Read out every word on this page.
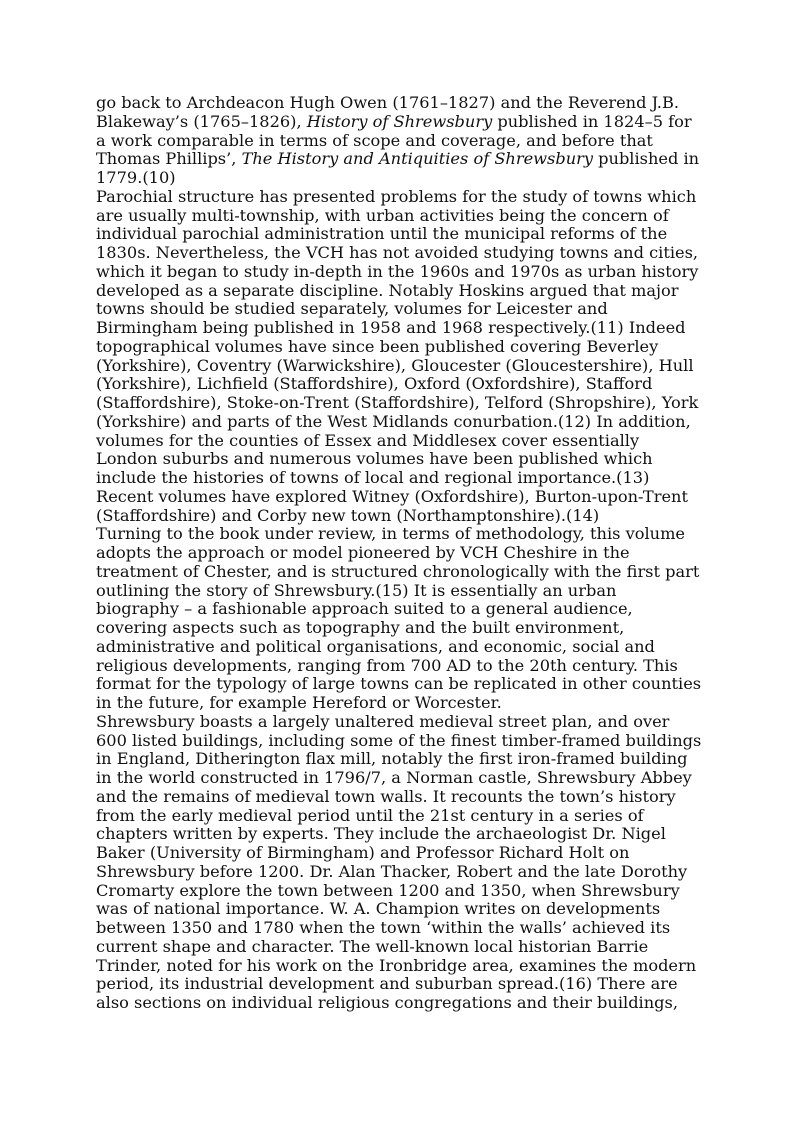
go back to Archdeacon Hugh Owen (1761–1827) and the Reverend J.B.
Blakeway’s (1765–1826), History of Shrewsbury published in 1824–5 for
a work comparable in terms of scope and coverage, and before that
Thomas Phillips’, The History and Antiquities of Shrewsbury published in
1779.(10)

Parochial structure has presented problems for the study of towns which
are usually multi-township, with urban activities being the concern of
individual parochial administration until the municipal reforms of the
1830s. Nevertheless, the VCH has not avoided studying towns and cities,
which it began to study in-depth in the 1960s and 1970s as urban history
developed as a separate discipline. Notably Hoskins argued that major
towns should be studied separately, volumes for Leicester and
Birmingham being published in 1958 and 1968 respectively.(11) Indeed
topographical volumes have since been published covering Beverley
(Yorkshire), Coventry (Warwickshire), Gloucester (Gloucestershire), Hull
(Yorkshire), Lichfield (Staffordshire), Oxford (Oxfordshire), Stafford
(Staffordshire), Stoke-on-Trent (Staffordshire), Telford (Shropshire), York
(Yorkshire) and parts of the West Midlands conurbation.(12) In addition,
volumes for the counties of Essex and Middlesex cover essentially
London suburbs and numerous volumes have been published which
include the histories of towns of local and regional importance.(13)
Recent volumes have explored Witney (Oxfordshire), Burton-upon-Trent
(Staffordshire) and Corby new town (Northamptonshire).(14)

Turning to the book under review, in terms of methodology, this volume
adopts the approach or model pioneered by VCH Cheshire in the
treatment of Chester, and is structured chronologically with the first part
outlining the story of Shrewsbury.(15) It is essentially an urban
biography – a fashionable approach suited to a general audience,
covering aspects such as topography and the built environment,
administrative and political organisations, and economic, social and
religious developments, ranging from 700 AD to the 20th century. This
format for the typology of large towns can be replicated in other counties
in the future, for example Hereford or Worcester.

Shrewsbury boasts a largely unaltered medieval street plan, and over
600 listed buildings, including some of the finest timber-framed buildings
in England, Ditherington flax mill, notably the first iron-framed building
in the world constructed in 1796/7, a Norman castle, Shrewsbury Abbey
and the remains of medieval town walls. It recounts the town’s history
from the early medieval period until the 21st century in a series of
chapters written by experts. They include the archaeologist Dr. Nigel
Baker (University of Birmingham) and Professor Richard Holt on
Shrewsbury before 1200. Dr. Alan Thacker, Robert and the late Dorothy
Cromarty explore the town between 1200 and 1350, when Shrewsbury
was of national importance. W. A. Champion writes on developments
between 1350 and 1780 when the town ‘within the walls’ achieved its
current shape and character. The well-known local historian Barrie
Trinder, noted for his work on the Ironbridge area, examines the modern
period, its industrial development and suburban spread.(16) There are
also sections on individual religious congregations and their buildings,
